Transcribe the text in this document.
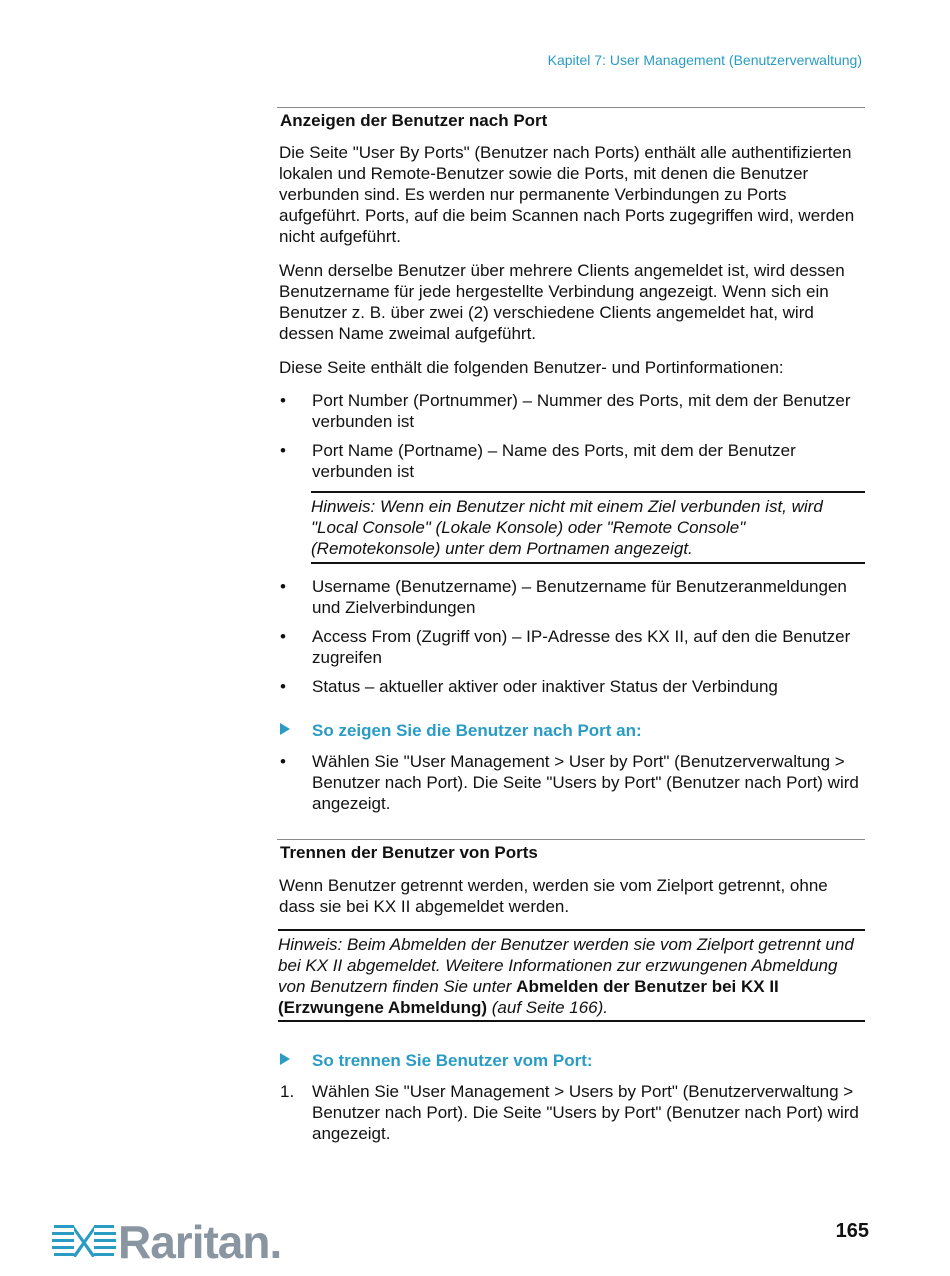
Kapitel 7: User Management (Benutzerverwaltung)
Anzeigen der Benutzer nach Port

Die Seite "User By Ports" (Benutzer nach Ports) enthält alle authentifizierten lokalen und Remote-Benutzer sowie die Ports, mit denen die Benutzer verbunden sind. Es werden nur permanente Verbindungen zu Ports aufgeführt. Ports, auf die beim Scannen nach Ports zugegriffen wird, werden nicht aufgeführt.

Wenn derselbe Benutzer über mehrere Clients angemeldet ist, wird dessen Benutzername für jede hergestellte Verbindung angezeigt. Wenn sich ein Benutzer z. B. über zwei (2) verschiedene Clients angemeldet hat, wird dessen Name zweimal aufgeführt.

Diese Seite enthält die folgenden Benutzer- und Portinformationen:

•	Port Number (Portnummer) – Nummer des Ports, mit dem der Benutzer verbunden ist
•	Port Name (Portname) – Name des Ports, mit dem der Benutzer verbunden ist
Hinweis: Wenn ein Benutzer nicht mit einem Ziel verbunden ist, wird "Local Console" (Lokale Konsole) oder "Remote Console" (Remotekonsole) unter dem Portnamen angezeigt.
•	Username (Benutzername) – Benutzername für Benutzeranmeldungen und Zielverbindungen
•	Access From (Zugriff von) – IP-Adresse des KX II, auf den die Benutzer zugreifen
•	Status – aktueller aktiver oder inaktiver Status der Verbindung
So zeigen Sie die Benutzer nach Port an:
•	Wählen Sie "User Management > User by Port" (Benutzerverwaltung > Benutzer nach Port). Die Seite "Users by Port" (Benutzer nach Port) wird angezeigt.
Trennen der Benutzer von Ports

Wenn Benutzer getrennt werden, werden sie vom Zielport getrennt, ohne dass sie bei KX II abgemeldet werden.

Hinweis: Beim Abmelden der Benutzer werden sie vom Zielport getrennt und bei KX II abgemeldet. Weitere Informationen zur erzwungenen Abmeldung von Benutzern finden Sie unter Abmelden der Benutzer bei KX II (Erzwungene Abmeldung) (auf Seite 166).
So trennen Sie Benutzer vom Port:
1.	Wählen Sie "User Management > Users by Port" (Benutzerverwaltung > Benutzer nach Port). Die Seite "Users by Port" (Benutzer nach Port) wird angezeigt.
Raritan.	165
